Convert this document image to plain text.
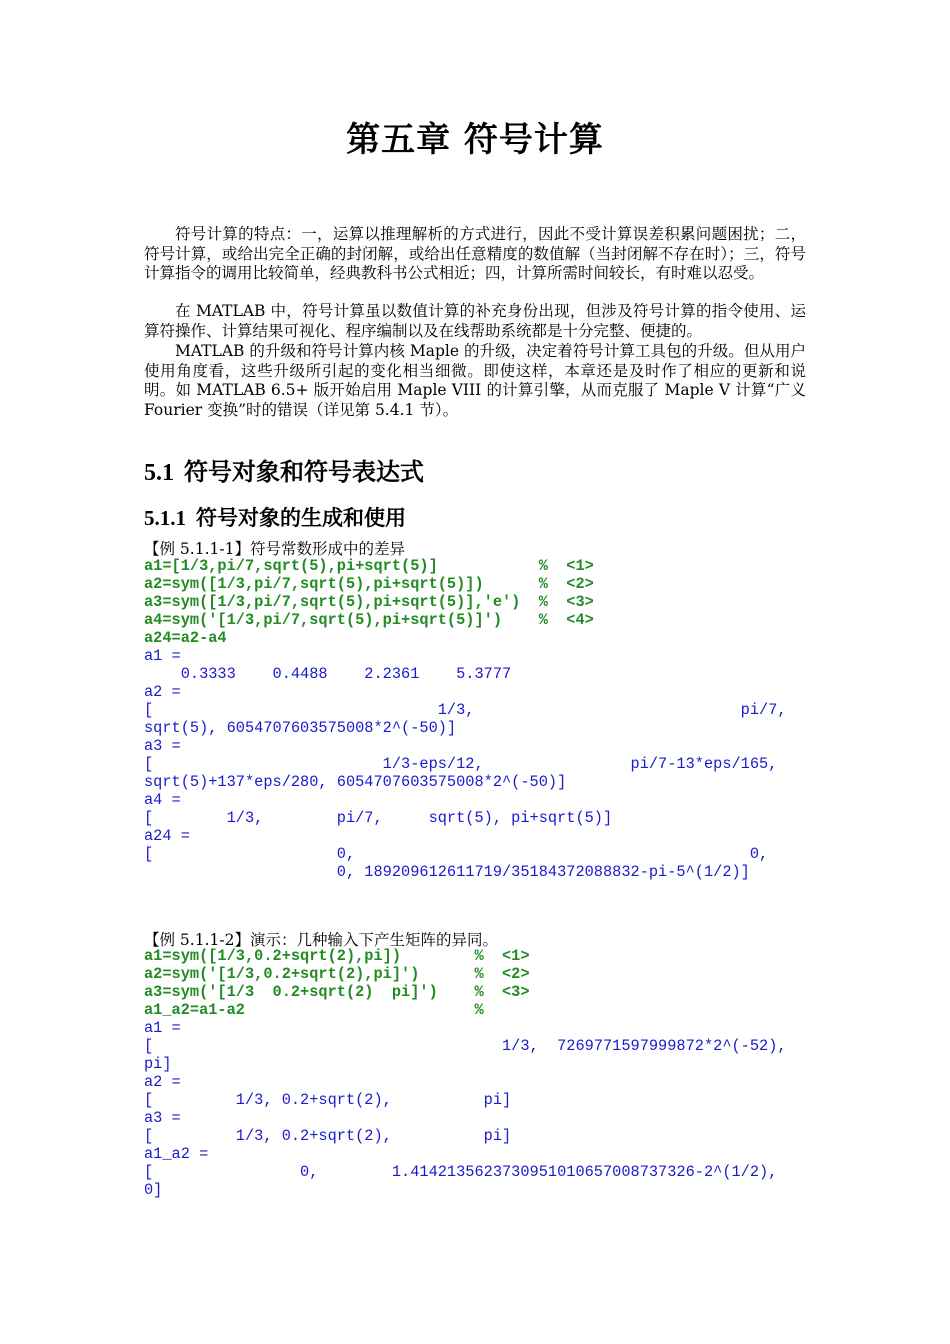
第五章 符号计算
符号计算的特点：一，运算以推理解析的方式进行，因此不受计算误差积累问题困扰；二，符号计算，或给出完全正确的封闭解，或给出任意精度的数值解（当封闭解不存在时）；三，符号计算指令的调用比较简单，经典教科书公式相近；四，计算所需时间较长，有时难以忍受。
在 MATLAB 中，符号计算虽以数值计算的补充身份出现，但涉及符号计算的指令使用、运算符操作、计算结果可视化、程序编制以及在线帮助系统都是十分完整、便捷的。
MATLAB 的升级和符号计算内核 Maple 的升级，决定着符号计算工具包的升级。但从用户使用角度看，这些升级所引起的变化相当细微。即使这样，本章还是及时作了相应的更新和说明。如 MATLAB 6.5+ 版开始启用 Maple VIII 的计算引擎，从而克服了 Maple V 计算“广义 Fourier 变换”时的错误（详见第 5.4.1 节）。
5.1 符号对象和符号表达式
5.1.1 符号对象的生成和使用
【例 5.1.1-1】符号常数形成中的差异
a1=[1/3,pi/7,sqrt(5),pi+sqrt(5)]           %  <1>
a2=sym([1/3,pi/7,sqrt(5),pi+sqrt(5)])      %  <2>
a3=sym([1/3,pi/7,sqrt(5),pi+sqrt(5)],'e')  %  <3>
a4=sym('[1/3,pi/7,sqrt(5),pi+sqrt(5)]')    %  <4>
a24=a2-a4
a1 =
0.3333    0.4488    2.2361    5.3777
a2 =
[                               1/3,                             pi/7,
sqrt(5), 6054707603575008*2^(-50)]
a3 =
[                         1/3-eps/12,                pi/7-13*eps/165,
sqrt(5)+137*eps/280, 6054707603575008*2^(-50)]
a4 =
[        1/3,        pi/7,     sqrt(5), pi+sqrt(5)]
a24 =
[                    0,                                           0,
0, 189209612611719/35184372088832-pi-5^(1/2)]
【例 5.1.1-2】演示：几种输入下产生矩阵的异同。
a1=sym([1/3,0.2+sqrt(2),pi])        %  <1>
a2=sym('[1/3,0.2+sqrt(2),pi]')      %  <2>
a3=sym('[1/3  0.2+sqrt(2)  pi]')    %  <3>
a1_a2=a1-a2                         %
a1 =
[                                      1/3,  7269771597999872*2^(-52),
pi]
a2 =
[         1/3, 0.2+sqrt(2),          pi]
a3 =
[         1/3, 0.2+sqrt(2),          pi]
a1_a2 =
[                0,        1.4142135623730951010657008737326-2^(1/2),
0]
